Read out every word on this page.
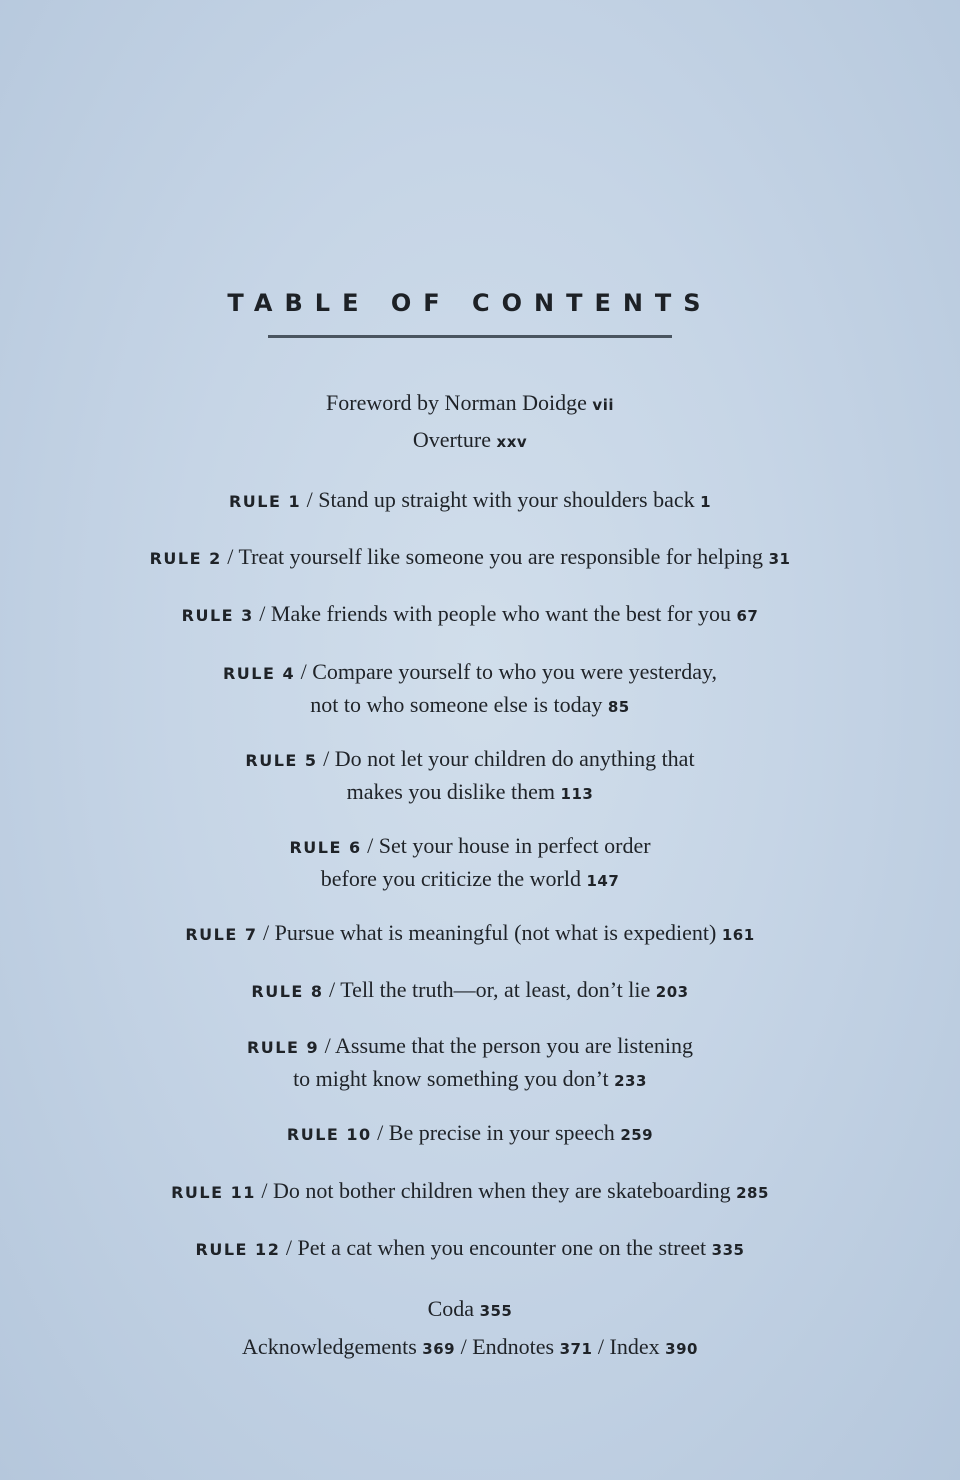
TABLE OF CONTENTS
Foreword by Norman Doidge vii
Overture xxv
RULE 1 / Stand up straight with your shoulders back 1
RULE 2 / Treat yourself like someone you are responsible for helping 31
RULE 3 / Make friends with people who want the best for you 67
RULE 4 / Compare yourself to who you were yesterday,
not to who someone else is today 85
RULE 5 / Do not let your children do anything that
makes you dislike them 113
RULE 6 / Set your house in perfect order
before you criticize the world 147
RULE 7 / Pursue what is meaningful (not what is expedient) 161
RULE 8 / Tell the truth—or, at least, don’t lie 203
RULE 9 / Assume that the person you are listening
to might know something you don’t 233
RULE 10 / Be precise in your speech 259
RULE 11 / Do not bother children when they are skateboarding 285
RULE 12 / Pet a cat when you encounter one on the street 335
Coda 355
Acknowledgements 369 / Endnotes 371 / Index 390
